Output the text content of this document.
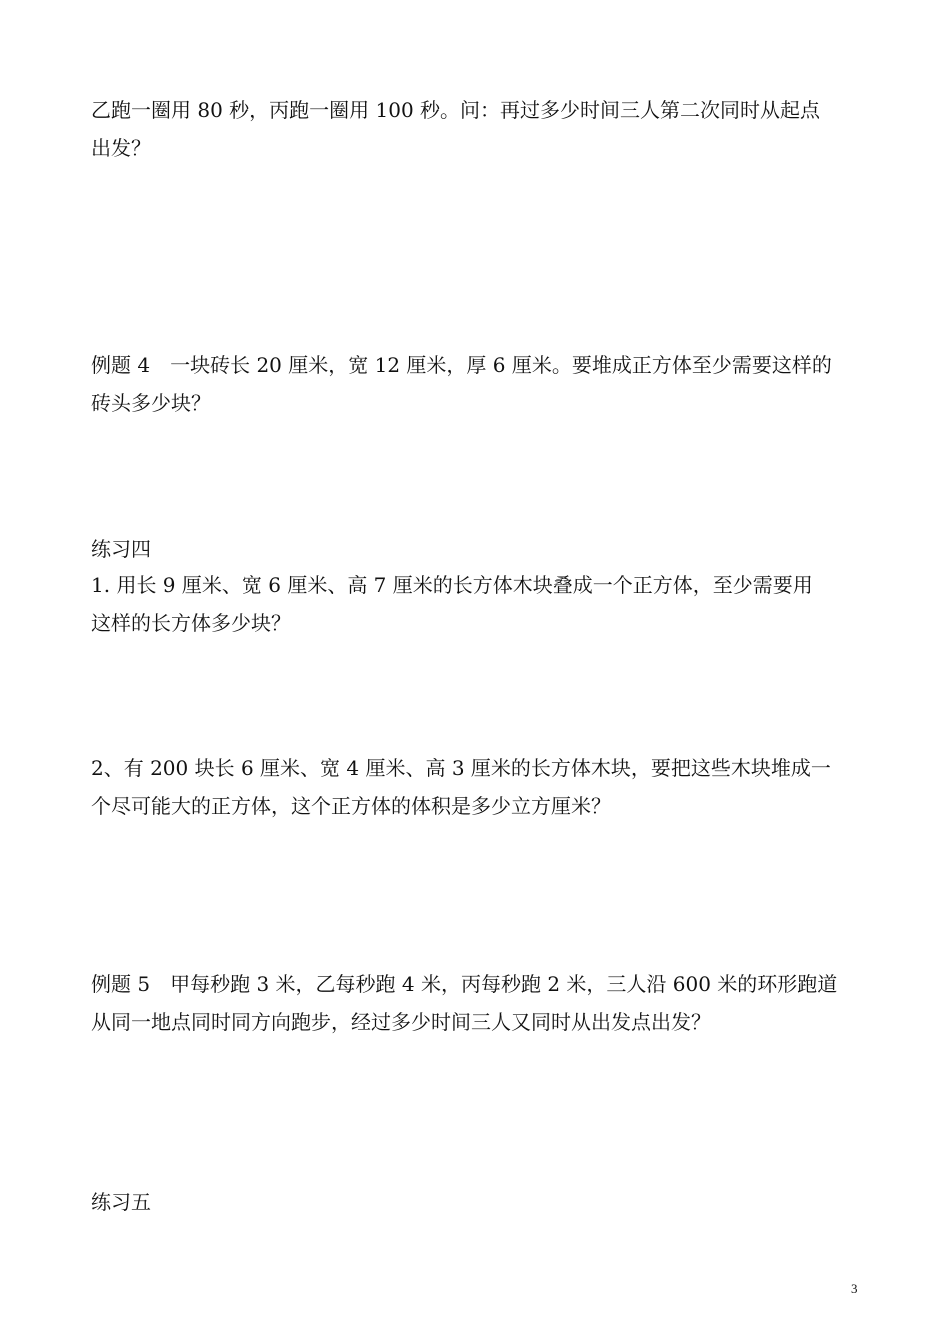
乙跑一圈用 80 秒，丙跑一圈用 100 秒。问：再过多少时间三人第二次同时从起点
出发？
例题 4 一块砖长 20 厘米，宽 12 厘米，厚 6 厘米。要堆成正方体至少需要这样的
砖头多少块？
练习四
1. 用长 9 厘米、宽 6 厘米、高 7 厘米的长方体木块叠成一个正方体，至少需要用
这样的长方体多少块？
2、有 200 块长 6 厘米、宽 4 厘米、高 3 厘米的长方体木块，要把这些木块堆成一
个尽可能大的正方体，这个正方体的体积是多少立方厘米？
例题 5 甲每秒跑 3 米，乙每秒跑 4 米，丙每秒跑 2 米，三人沿 600 米的环形跑道
从同一地点同时同方向跑步，经过多少时间三人又同时从出发点出发？
练习五
3
